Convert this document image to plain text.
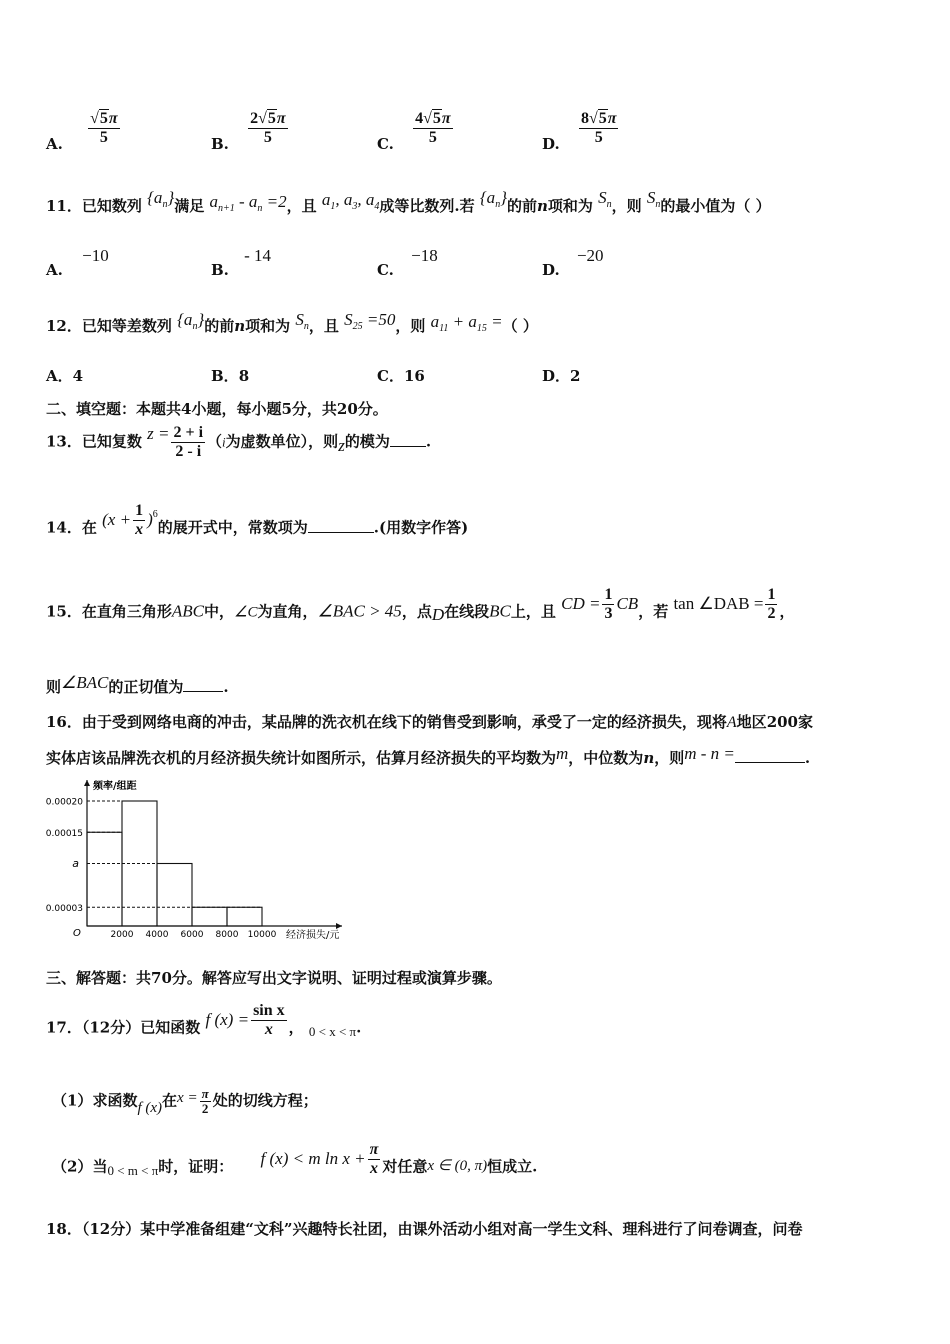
A. $\frac{√5\pi}{5}$	B. $\frac{2√5\pi}{5}$	C. $\frac{4√5\pi}{5}$	D. $\frac{8√5\pi}{5}$
11．已知数列 $\{a_n\}$满足 $a_{n+1} - a_n =2$，且 $a_1$, $a_3$, $a_4$成等比数列.若 $\{a_n\}$的前n项和为 $S_n$，则 $S_n$的最小值为（ ）
A. −10
B. - 14
C. −18
D. −20
12．已知等差数列 $\{a_n\}$的前n项和为 $S_n$，且 $S_{25} =50$，则 $a_{11} + a_{15}$ =（ ）
A．4	B．8	C．16	D．2
二、填空题：本题共4小题，每小题5分，共20分。
13．已知复数 $z = \frac{2 + i}{2 - i} (i$为虚数单位），则z的模为 .
14．在 $(x + \frac{1}{x} )^6$的展开式中，常数项为	.(用数字作答)
15．在直角三角形ABC中，∠C为直角，∠BAC > 45，点D在线段BC上，且 CD = $\frac{1}{3}$ CB，若 tan ∠DAB = $\frac{1}{2}$ ，
则∠BAC的正切值为	.
16．由于受到网络电商的冲击，某品牌的洗衣机在线下的销售受到影响，承受了一定的经济损失，现将A地区200家
实体店该品牌洗衣机的月经济损失统计如图所示，估算月经济损失的平均数为m，中位数为n，则m - n =	.
频率/组距
0.00020
0.00015
a
0.00003
O	2000 4000 6000 8000 10000 经济损失/元
三、解答题：共70分。解答应写出文字说明、证明过程或演算步骤。
17．（12分）已知函数 f $(x) = \frac{\text{sin x}}{x}$ ， 0 < x < π.
（1）求函数f (x)在$x = \frac{\pi}{2}$ 处的切线方程；
（2）当0 < m < π时，证明： f (x) < m $\ln x + \frac{\pi}{x}$ 对任意x ∈ (0, π)恒成立.
18．（12分）某中学准备组建“文科”兴趣特长社团，由课外活动小组对高一学生文科、理科进行了问卷调查，问卷
